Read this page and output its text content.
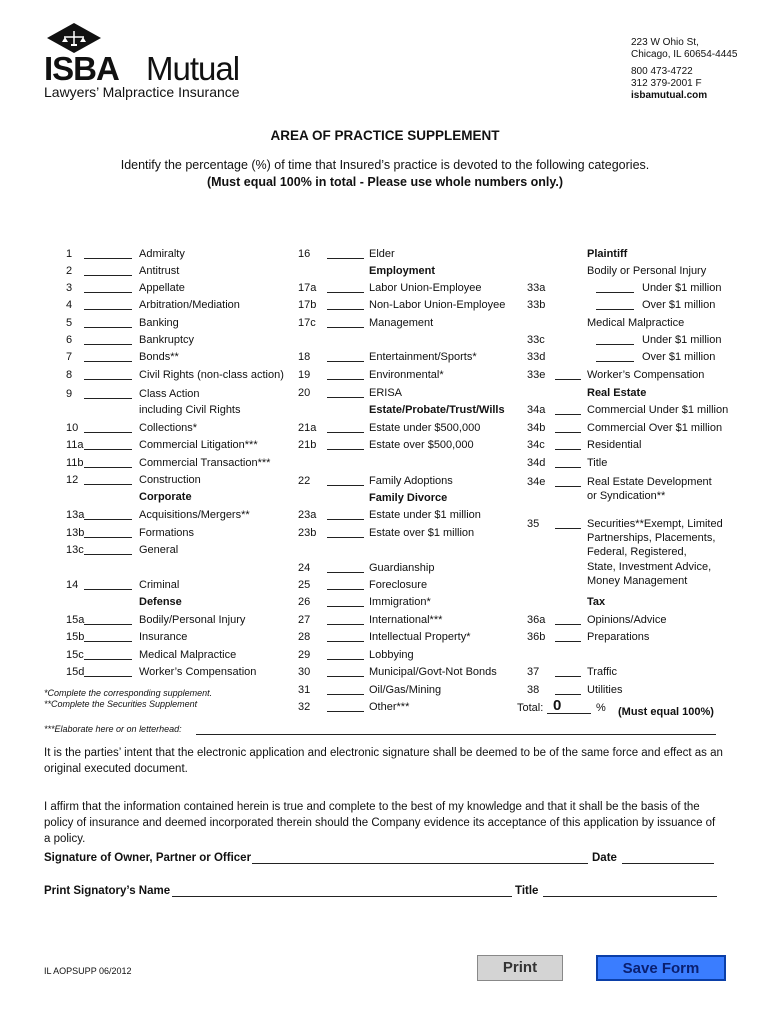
ISBA Mutual
Lawyers’ Malpractice Insurance
223 W Ohio St,
Chicago, IL 60654-4445
800 473-4722
312 379-2001 F
isbamutual.com
AREA OF PRACTICE SUPPLEMENT
Identify the percentage (%) of time that Insured’s practice is devoted to the following categories.
(Must equal 100% in total - Please use whole numbers only.)
1	Admiralty
2	Antitrust
3	Appellate
4	Arbitration/Mediation
5	Banking
6	Bankruptcy
7	Bonds**
8	Civil Rights (non-class action)
9	Class Action
including Civil Rights
10	Collections*
11a	Commercial Litigation***
11b	Commercial Transaction***
12	Construction
Corporate
13a	Acquisitions/Mergers**
13b	Formations
13c	General
14	Criminal
Defense
15a	Bodily/Personal Injury
15b	Insurance
15c	Medical Malpractice
15d	Worker’s Compensation
16	Elder
Employment
17a	Labor Union-Employee
17b	Non-Labor Union-Employee
17c	Management
18	Entertainment/Sports*
19	Environmental*
20	ERISA
Estate/Probate/Trust/Wills
21a	Estate under $500,000
21b	Estate over $500,000
22	Family Adoptions
Family Divorce
23a	Estate under $1 million
23b	Estate over $1 million
24	Guardianship
25	Foreclosure
26	Immigration*
27	International***
28	Intellectual Property*
29	Lobbying
30	Municipal/Govt-Not Bonds
31	Oil/Gas/Mining
32	Other***
Plaintiff
Bodily or Personal Injury
33a	Under $1 million
33b	Over $1 million
Medical Malpractice
33c	Under $1 million
33d	Over $1 million
33e	Worker’s Compensation
Real Estate
34a	Commercial Under $1 million
34b	Commercial Over $1 million
34c	Residential
34d	Title
34e	Real Estate Development
or Syndication**
35	Securities**Exempt, Limited
Partnerships, Placements,
Federal, Registered,
State, Investment Advice,
Money Management
Tax
36a	Opinions/Advice
36b	Preparations
37	Traffic
38	Utilities
Total: 0	% (Must equal 100%)
*Complete the corresponding supplement.
**Complete the Securities Supplement
***Elaborate here or on letterhead:
It is the parties’ intent that the electronic application and electronic signature shall be deemed to be of the same force and effect as an original executed document.
I affirm that the information contained herein is true and complete to the best of my knowledge and that it shall be the basis of the policy of insurance and deemed incorporated therein should the Company evidence its acceptance of this application by issuance of a policy.
Signature of Owner, Partner or Officer	Date
Print Signatory’s Name	Title
IL AOPSUPP 06/2012	Print	Save Form
